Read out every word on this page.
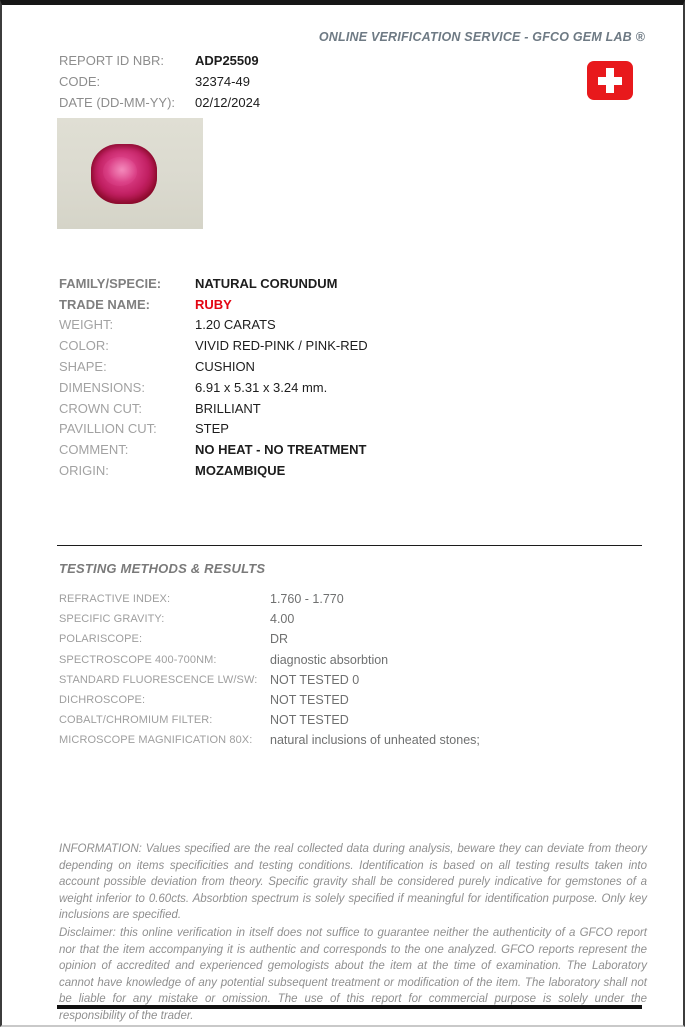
ONLINE VERIFICATION SERVICE - GFCO GEM LAB ®
REPORT ID NBR:	ADP25509
CODE:	32374-49
DATE (DD-MM-YY):	02/12/2024
FAMILY/SPECIE:	NATURAL CORUNDUM
TRADE NAME:	RUBY
WEIGHT:	1.20 CARATS
COLOR:	VIVID RED-PINK / PINK-RED
SHAPE:	CUSHION
DIMENSIONS:	6.91 x 5.31 x 3.24 mm.
CROWN CUT:	BRILLIANT
PAVILLION CUT:	STEP
COMMENT:	NO HEAT - NO TREATMENT
ORIGIN:	MOZAMBIQUE
TESTING METHODS & RESULTS
REFRACTIVE INDEX:	1.760 - 1.770
SPECIFIC GRAVITY:	4.00
POLARISCOPE:	DR
SPECTROSCOPE 400-700NM:	diagnostic absorbtion
STANDARD FLUORESCENCE LW/SW:	NOT TESTED 0
DICHROSCOPE:	NOT TESTED
COBALT/CHROMIUM FILTER:	NOT TESTED
MICROSCOPE MAGNIFICATION 80X:	natural inclusions of unheated stones;

INFORMATION: Values specified are the real collected data during analysis, beware they can deviate from theory depending on items specificities and testing conditions. Identification is based on all testing results taken into account possible deviation from theory. Specific gravity shall be considered purely indicative for gemstones of a weight inferior to 0.60cts. Absorbtion spectrum is solely specified if meaningful for identification purpose. Only key inclusions are specified.

Disclaimer: this online verification in itself does not suffice to guarantee neither the authenticity of a GFCO report nor that the item accompanying it is authentic and corresponds to the one analyzed. GFCO reports represent the opinion of accredited and experienced gemologists about the item at the time of examination. The Laboratory cannot have knowledge of any potential subsequent treatment or modification of the item. The laboratory shall not be liable for any mistake or omission. The use of this report for commercial purpose is solely under the responsibility of the trader.
